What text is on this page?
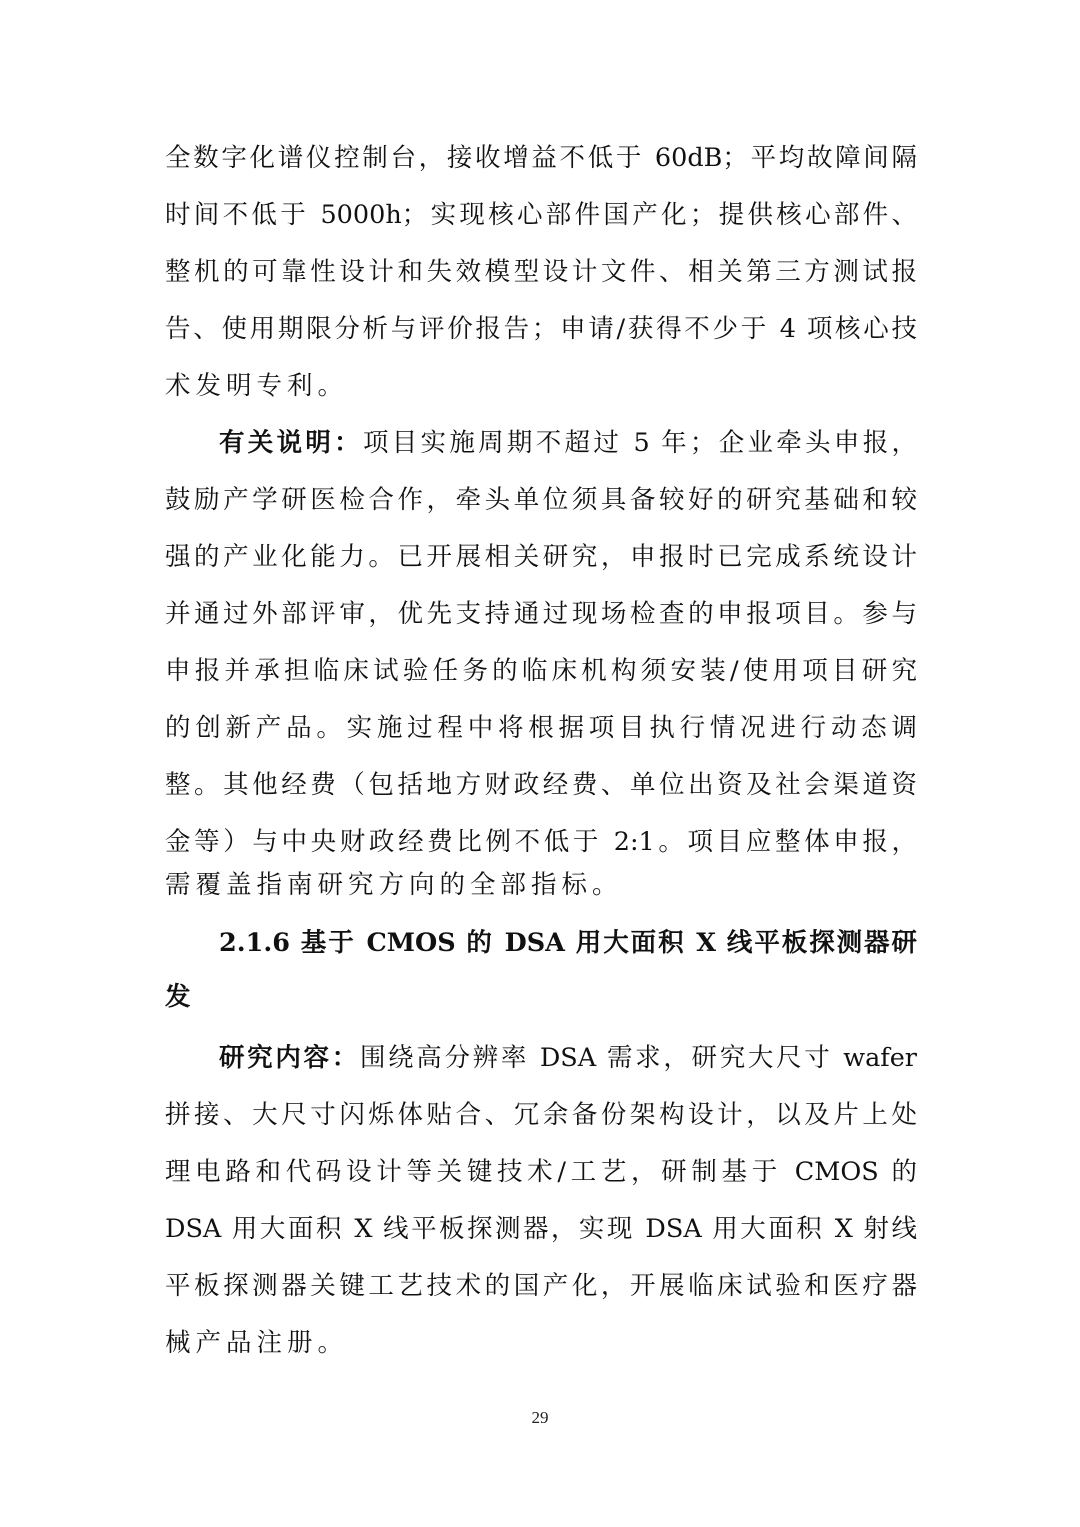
全数字化谱仪控制台，接收增益不低于 60dB；平均故障间隔
时间不低于 5000h；实现核心部件国产化；提供核心部件、
整机的可靠性设计和失效模型设计文件、相关第三方测试报
告、使用期限分析与评价报告；申请/获得不少于 4 项核心技
术发明专利。
有关说明：项目实施周期不超过 5 年；企业牵头申报，
鼓励产学研医检合作，牵头单位须具备较好的研究基础和较
强的产业化能力。已开展相关研究，申报时已完成系统设计
并通过外部评审，优先支持通过现场检查的申报项目。参与
申报并承担临床试验任务的临床机构须安装/使用项目研究
的创新产品。实施过程中将根据项目执行情况进行动态调
整。其他经费（包括地方财政经费、单位出资及社会渠道资
金等）与中央财政经费比例不低于 2:1。项目应整体申报，
需覆盖指南研究方向的全部指标。
2.1.6 基于 CMOS 的 DSA 用大面积 X 线平板探测器研
发
研究内容：围绕高分辨率 DSA 需求，研究大尺寸 wafer
拼接、大尺寸闪烁体贴合、冗余备份架构设计，以及片上处
理电路和代码设计等关键技术/工艺，研制基于 CMOS 的
DSA 用大面积 X 线平板探测器，实现 DSA 用大面积 X 射线
平板探测器关键工艺技术的国产化，开展临床试验和医疗器
械产品注册。
29
